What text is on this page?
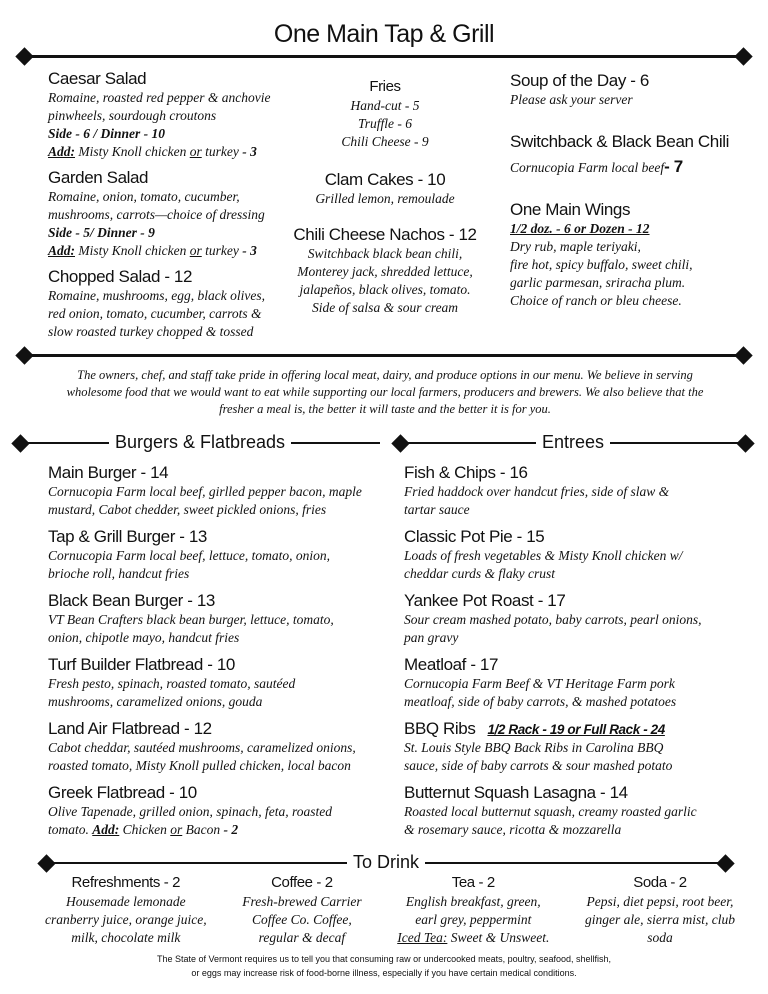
One Main Tap & Grill
Caesar Salad
Romaine, roasted red pepper & anchovie
pinwheels, sourdough croutons
Side - 6 / Dinner - 10
Add: Misty Knoll chicken or turkey - 3
Garden Salad
Romaine, onion, tomato, cucumber,
mushrooms, carrots—choice of dressing
Side - 5/ Dinner - 9
Add: Misty Knoll chicken or turkey - 3
Chopped Salad - 12
Romaine, mushrooms, egg, black olives,
red onion, tomato, cucumber, carrots &
slow roasted turkey chopped & tossed
Fries
Hand-cut - 5
Truffle - 6
Chili Cheese - 9
Clam Cakes - 10
Grilled lemon, remoulade
Chili Cheese Nachos - 12
Switchback black bean chili,
Monterey jack, shredded lettuce,
jalapeños, black olives, tomato.
Side of salsa & sour cream
Soup of the Day - 6
Please ask your server
Switchback & Black Bean Chili
Cornucopia Farm local beef- 7
One Main Wings
1/2 doz. - 6 or Dozen - 12
Dry rub, maple teriyaki,
fire hot, spicy buffalo, sweet chili,
garlic parmesan, sriracha plum.
Choice of ranch or bleu cheese.
The owners, chef, and staff take pride in offering local meat, dairy, and produce options in our menu. We believe in serving wholesome food that we would want to eat while supporting our local farmers, producers and brewers. We also believe that the fresher a meal is, the better it will taste and the better it is for you.
Burgers & Flatbreads
Main Burger - 14
Cornucopia Farm local beef, girlled pepper bacon, maple
mustard, Cabot chedder, sweet pickled onions, fries
Tap & Grill Burger - 13
Cornucopia Farm local beef, lettuce, tomato, onion,
brioche roll, handcut fries
Black Bean Burger - 13
VT Bean Crafters black bean burger, lettuce, tomato,
onion, chipotle mayo, handcut fries
Turf Builder Flatbread - 10
Fresh pesto, spinach, roasted tomato, sautéed
mushrooms, caramelized onions, gouda
Land Air Flatbread - 12
Cabot cheddar, sautéed mushrooms, caramelized onions,
roasted tomato, Misty Knoll pulled chicken, local bacon
Greek Flatbread - 10
Olive Tapenade, grilled onion, spinach, feta, roasted
tomato. Add: Chicken or Bacon - 2
Entrees
Fish & Chips - 16
Fried haddock over handcut fries, side of slaw &
tartar sauce
Classic Pot Pie - 15
Loads of fresh vegetables & Misty Knoll chicken w/
cheddar curds & flaky crust
Yankee Pot Roast - 17
Sour cream mashed potato, baby carrots, pearl onions,
pan gravy
Meatloaf - 17
Cornucopia Farm Beef & VT Heritage Farm pork
meatloaf, side of baby carrots, & mashed potatoes
BBQ Ribs 1/2 Rack - 19 or Full Rack - 24
St. Louis Style BBQ Back Ribs in Carolina BBQ
sauce, side of baby carrots & sour mashed potato
Butternut Squash Lasagna - 14
Roasted local butternut squash, creamy roasted garlic
& rosemary sauce, ricotta & mozzarella
To Drink
Refreshments - 2
Housemade lemonade
cranberry juice, orange juice,
milk, chocolate milk
Coffee - 2
Fresh-brewed Carrier
Coffee Co. Coffee,
regular & decaf
Tea - 2
English breakfast, green,
earl grey, peppermint
Iced Tea: Sweet & Unsweet.
Soda - 2
Pepsi, diet pepsi, root beer,
ginger ale, sierra mist, club
soda
The State of Vermont requires us to tell you that consuming raw or undercooked meats, poultry, seafood, shellfish,
or eggs may increase risk of food-borne illness, especially if you have certain medical conditions.
